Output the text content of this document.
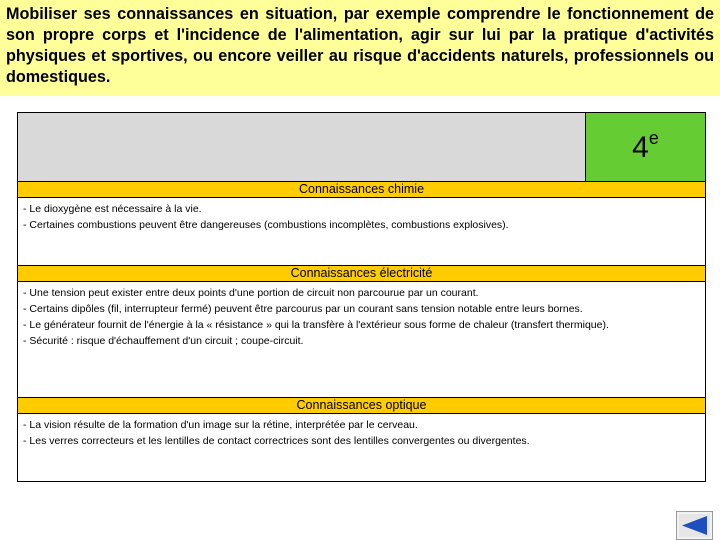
Mobiliser ses connaissances en situation, par exemple comprendre le fonctionnement de son propre corps et l'incidence de l'alimentation, agir sur lui par la pratique d'activités physiques et sportives, ou encore veiller au risque d'accidents naturels, professionnels ou domestiques.

4e
Connaissances chimie
- Le dioxygène est nécessaire à la vie.
- Certaines combustions peuvent être dangereuses (combustions incomplètes, combustions explosives).
Connaissances électricité
- Une tension peut exister entre deux points d'une portion de circuit non parcourue par un courant.
- Certains dipôles (fil, interrupteur fermé) peuvent être parcourus par un courant sans tension notable entre leurs bornes.
- Le générateur fournit de l'énergie à la « résistance » qui la transfère à l'extérieur sous forme de chaleur (transfert thermique).
- Sécurité : risque d'échauffement d'un circuit ; coupe-circuit.
Connaissances optique
- La vision résulte de la formation d'un image sur la rétine, interprétée par le cerveau.
- Les verres correcteurs et les lentilles de contact correctrices sont des lentilles convergentes ou divergentes.
